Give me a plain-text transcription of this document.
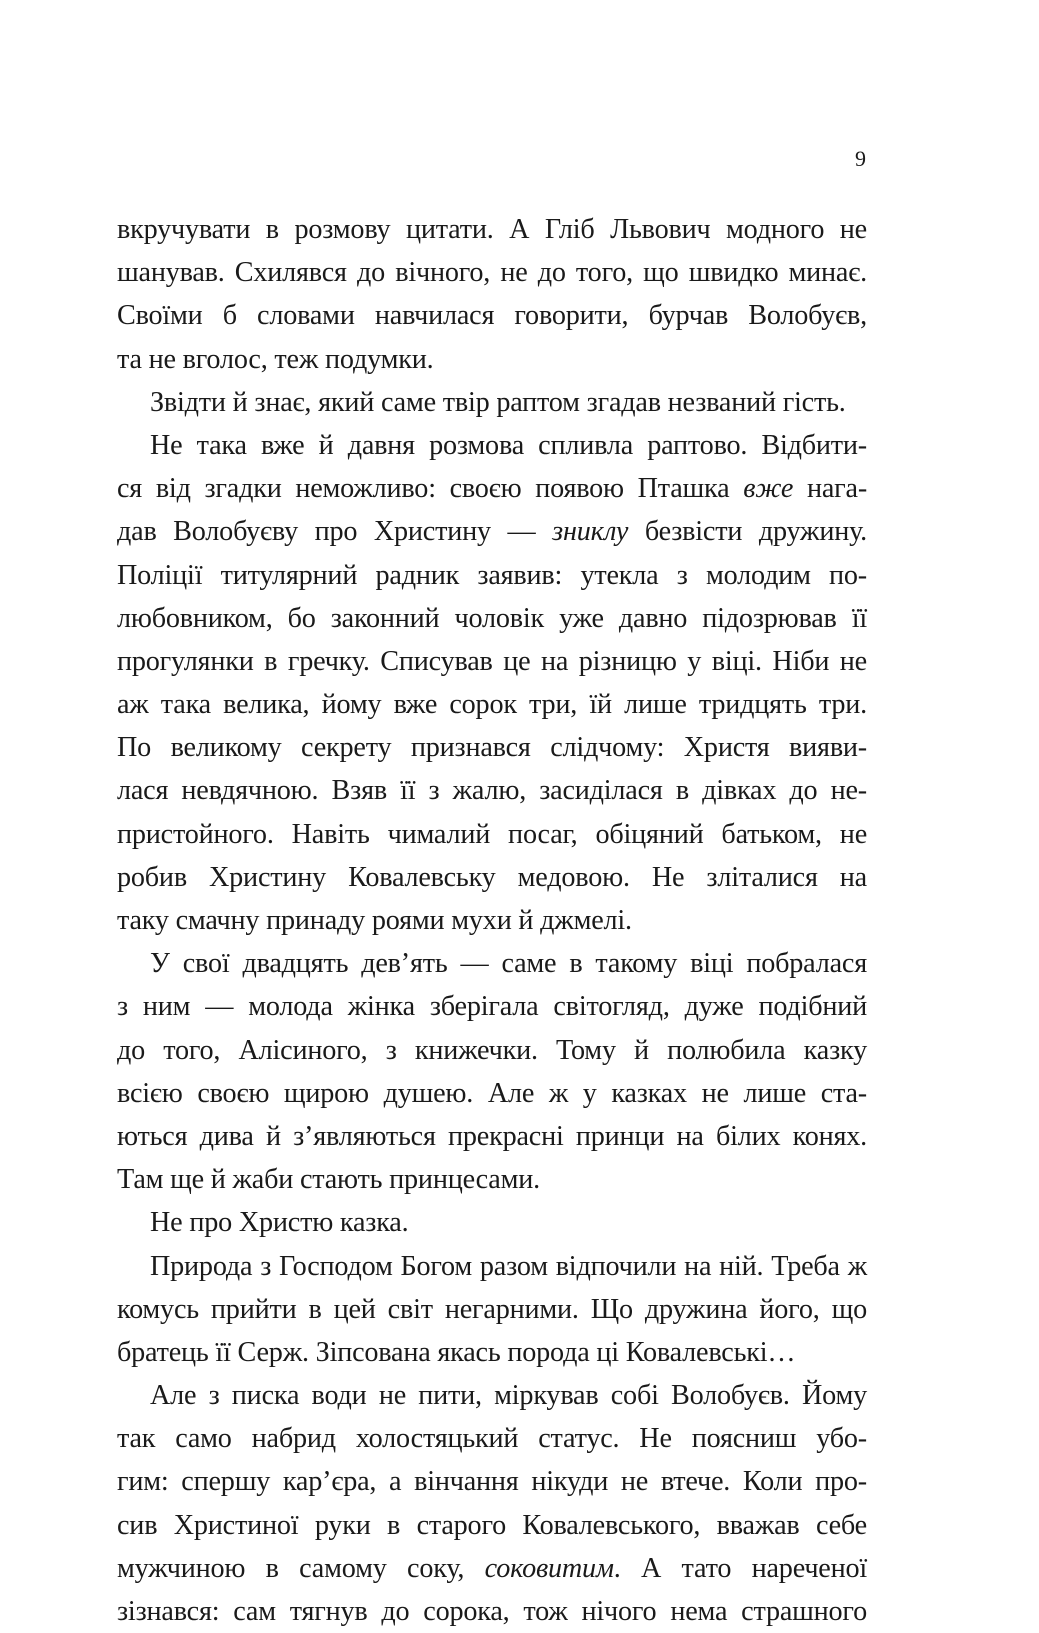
9
вкручувати в розмову цитати. А Гліб Львович модного не
шанував. Схилявся до вічного, не до того, що швидко минає.
Своїми б словами навчилася говорити, бурчав Волобуєв,
та не вголос, теж подумки.
Звідти й знає, який саме твір раптом згадав незваний гість.
Не така вже й давня розмова спливла раптово. Відбити-
ся від згадки неможливо: своєю появою Пташка вже нага-
дав Волобуєву про Христину — зниклу безвісти дружину.
Поліції титулярний радник заявив: утекла з молодим по-
любовником, бо законний чоловік уже давно підозрював її
прогулянки в гречку. Списував це на різницю у віці. Ніби не
аж така велика, йому вже сорок три, їй лише тридцять три.
По великому секрету признався слідчому: Христя вияви-
лася невдячною. Взяв її з жалю, засиділася в дівках до не-
пристойного. Навіть чималий посаг, обіцяний батьком, не
робив Христину Ковалевську медовою. Не зліталися на
таку смачну принаду роями мухи й джмелі.
У свої двадцять дев’ять — саме в такому віці побралася
з ним — молода жінка зберігала світогляд, дуже подібний
до того, Алісиного, з книжечки. Тому й полюбила казку
всією своєю щирою душею. Але ж у казках не лише ста-
ються дива й з’являються прекрасні принци на білих конях.
Там ще й жаби стають принцесами.
Не про Христю казка.
Природа з Господом Богом разом відпочили на ній. Треба ж
комусь прийти в цей світ негарними. Що дружина його, що
братець її Серж. Зіпсована якась порода ці Ковалевські…
Але з писка води не пити, міркував собі Волобуєв. Йому
так само набрид холостяцький статус. Не поясниш убо-
гим: спершу кар’єра, а вінчання нікуди не втече. Коли про-
сив Христиної руки в старого Ковалевського, вважав себе
мужчиною в самому соку, соковитим. А тато нареченої
зізнався: сам тягнув до сорока, тож нічого нема страшного
